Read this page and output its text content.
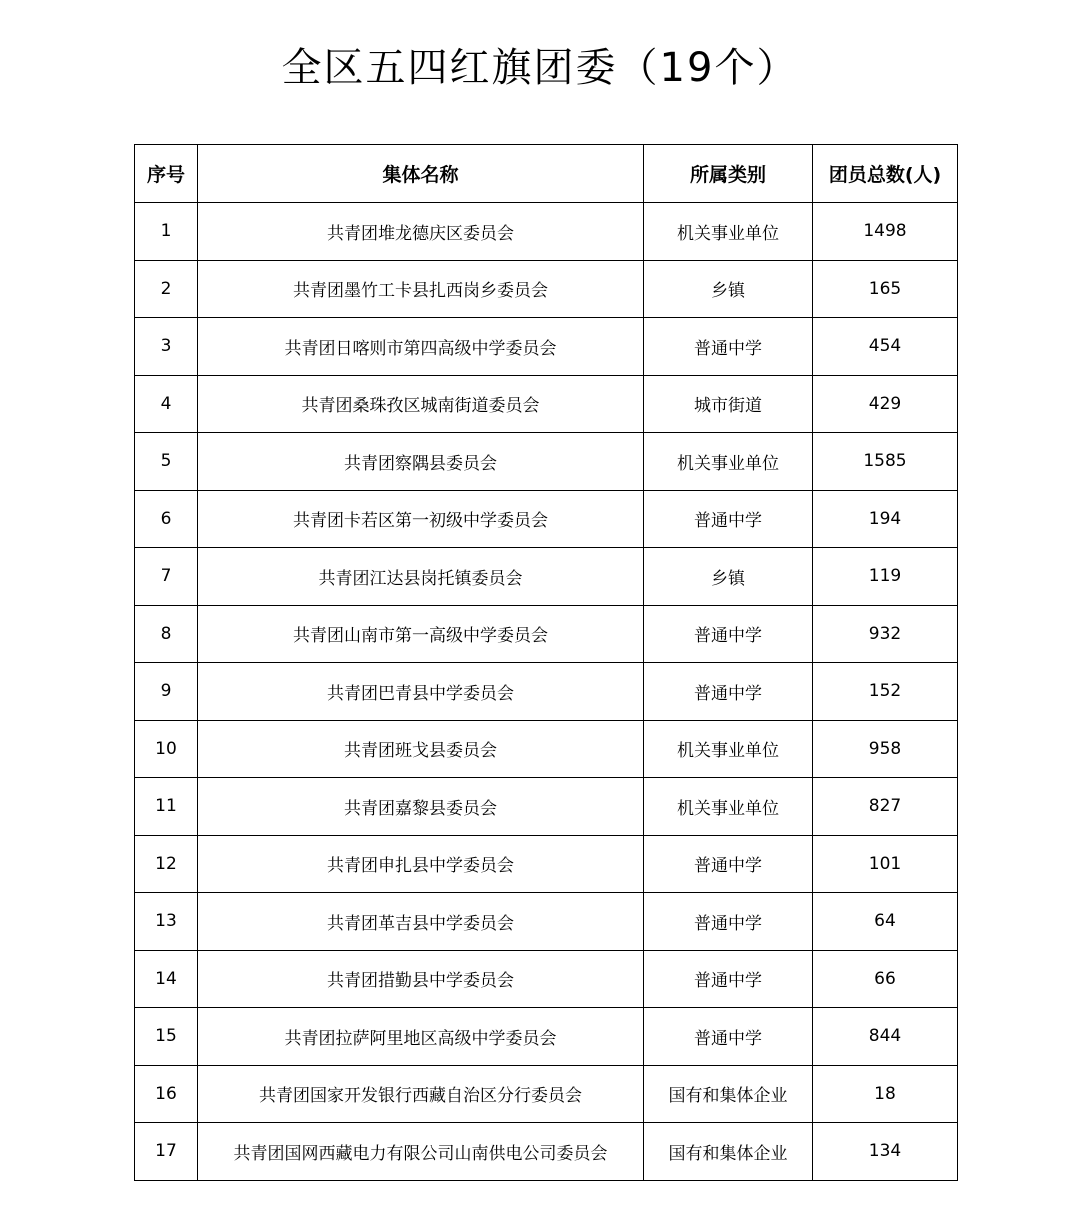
全区五四红旗团委（19个）
序号	集体名称	所属类别	团员总数(人)
1	共青团堆龙德庆区委员会	机关事业单位	1498
2	共青团墨竹工卡县扎西岗乡委员会	乡镇	165
3	共青团日喀则市第四高级中学委员会	普通中学	454
4	共青团桑珠孜区城南街道委员会	城市街道	429
5	共青团察隅县委员会	机关事业单位	1585
6	共青团卡若区第一初级中学委员会	普通中学	194
7	共青团江达县岗托镇委员会	乡镇	119
8	共青团山南市第一高级中学委员会	普通中学	932
9	共青团巴青县中学委员会	普通中学	152
10	共青团班戈县委员会	机关事业单位	958
11	共青团嘉黎县委员会	机关事业单位	827
12	共青团申扎县中学委员会	普通中学	101
13	共青团革吉县中学委员会	普通中学	64
14	共青团措勤县中学委员会	普通中学	66
15	共青团拉萨阿里地区高级中学委员会	普通中学	844
16	共青团国家开发银行西藏自治区分行委员会	国有和集体企业	18
17	共青团国网西藏电力有限公司山南供电公司委员会	国有和集体企业	134
